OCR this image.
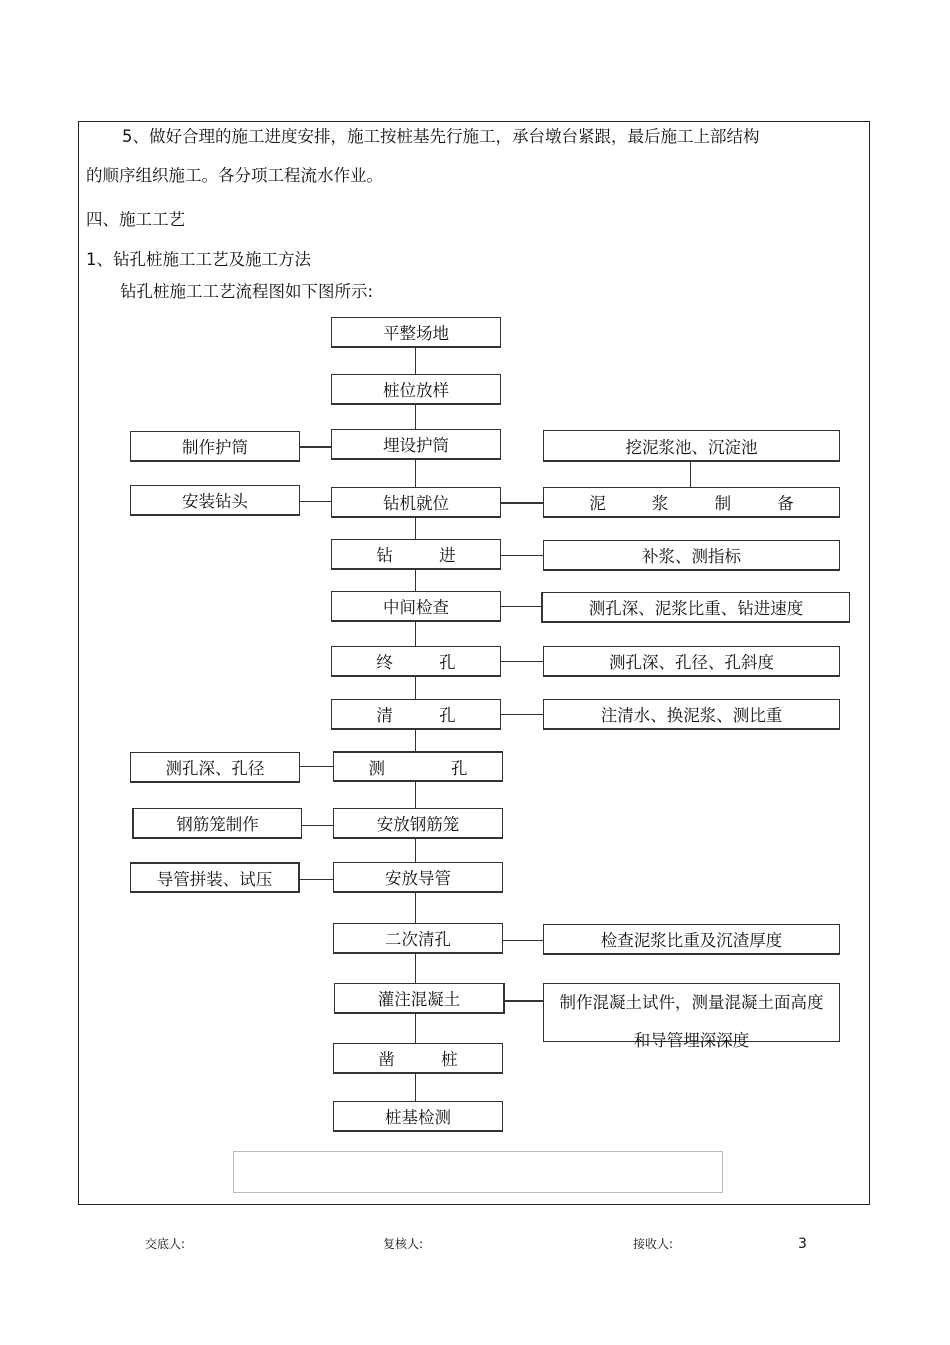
5、做好合理的施工进度安排，施工按桩基先行施工，承台墩台紧跟，最后施工上部结构
的顺序组织施工。各分项工程流水作业。
四、施工工艺
1、钻孔桩施工工艺及施工方法
钻孔桩施工工艺流程图如下图所示:
平整场地
桩位放样
埋设护筒
钻机就位
钻　进
中间检查
终　孔
清　孔
测　孔
安放钢筋笼
安放导管
二次清孔
灌注混凝土
凿　桩
桩基检测
制作护筒
安装钻头
测孔深、孔径
钢筋笼制作
导管拼装、试压
挖泥浆池、沉淀池
泥　浆　制　备
补浆、测指标
测孔深、泥浆比重、钻进速度
测孔深、孔径、孔斜度
注清水、换泥浆、测比重
检查泥浆比重及沉渣厚度
制作混凝土试件，测量混凝土面高度
和导管埋深深度
交底人:	复核人:	接收人:	3
